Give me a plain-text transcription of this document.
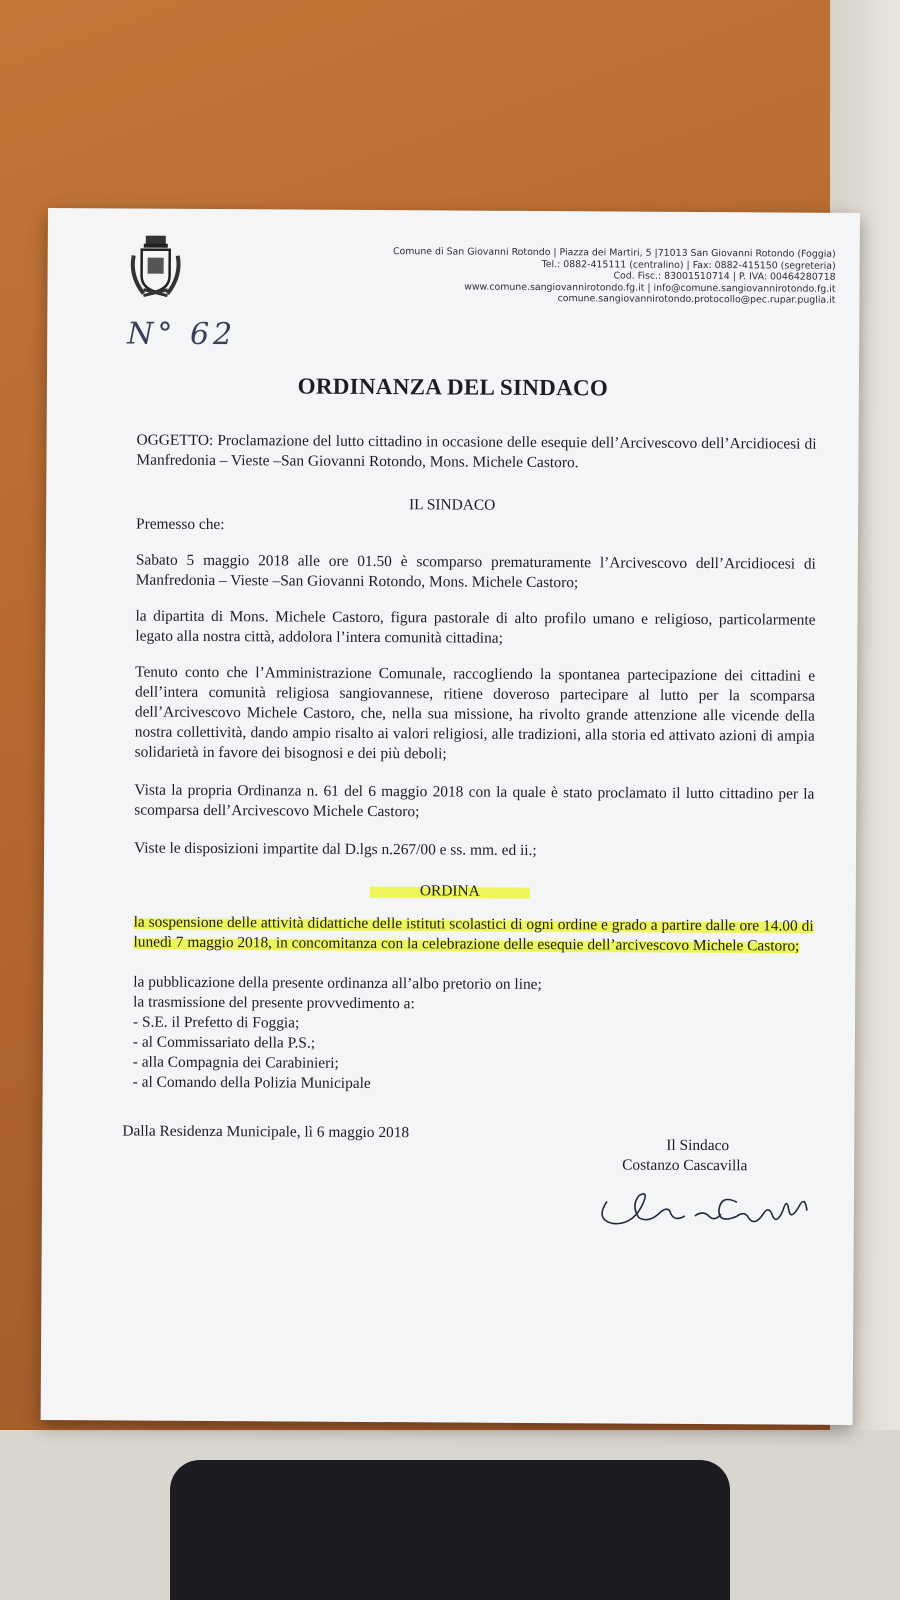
Comune di San Giovanni Rotondo | Piazza dei Martiri, 5 |71013 San Giovanni Rotondo (Foggia)
Tel.: 0882-415111 (centralino) | Fax: 0882-415150 (segreteria)
Cod. Fisc.: 83001510714 | P. IVA: 00464280718
www.comune.sangiovannirotondo.fg.it | info@comune.sangiovannirotondo.fg.it
comune.sangiovannirotondo.protocollo@pec.rupar.puglia.it
N° 62
ORDINANZA DEL SINDACO
OGGETTO: Proclamazione del lutto cittadino in occasione delle esequie dell’Arcivescovo dell’Arcidiocesi di Manfredonia – Vieste –San Giovanni Rotondo, Mons. Michele Castoro.
IL SINDACO
Premesso che:
Sabato 5 maggio 2018 alle ore 01.50 è scomparso prematuramente l’Arcivescovo dell’Arcidiocesi di Manfredonia – Vieste –San Giovanni Rotondo, Mons. Michele Castoro;
la dipartita di Mons. Michele Castoro, figura pastorale di alto profilo umano e religioso, particolarmente legato alla nostra città, addolora l’intera comunità cittadina;
Tenuto conto che l’Amministrazione Comunale, raccogliendo la spontanea partecipazione dei cittadini e dell’intera comunità religiosa sangiovannese, ritiene doveroso partecipare al lutto per la scomparsa dell’Arcivescovo Michele Castoro, che, nella sua missione, ha rivolto grande attenzione alle vicende della nostra collettività, dando ampio risalto ai valori religiosi, alle tradizioni, alla storia ed attivato azioni di ampia solidarietà in favore dei bisognosi e dei più deboli;
Vista la propria Ordinanza n. 61 del 6 maggio 2018 con la quale è stato proclamato il lutto cittadino per la scomparsa dell’Arcivescovo Michele Castoro;
Viste le disposizioni impartite dal D.lgs n.267/00 e ss. mm. ed ii.;
ORDINA
la sospensione delle attività didattiche delle istituti scolastici di ogni ordine e grado a partire dalle ore 14.00 di lunedì 7 maggio 2018, in concomitanza con la celebrazione delle esequie dell’arcivescovo Michele Castoro;
la pubblicazione della presente ordinanza all’albo pretorio on line;
la trasmissione del presente provvedimento a:
- S.E. il Prefetto di Foggia;
- al Commissariato della P.S.;
- alla Compagnia dei Carabinieri;
- al Comando della Polizia Municipale
Dalla Residenza Municipale, lì 6 maggio 2018
Il Sindaco
Costanzo Cascavilla
